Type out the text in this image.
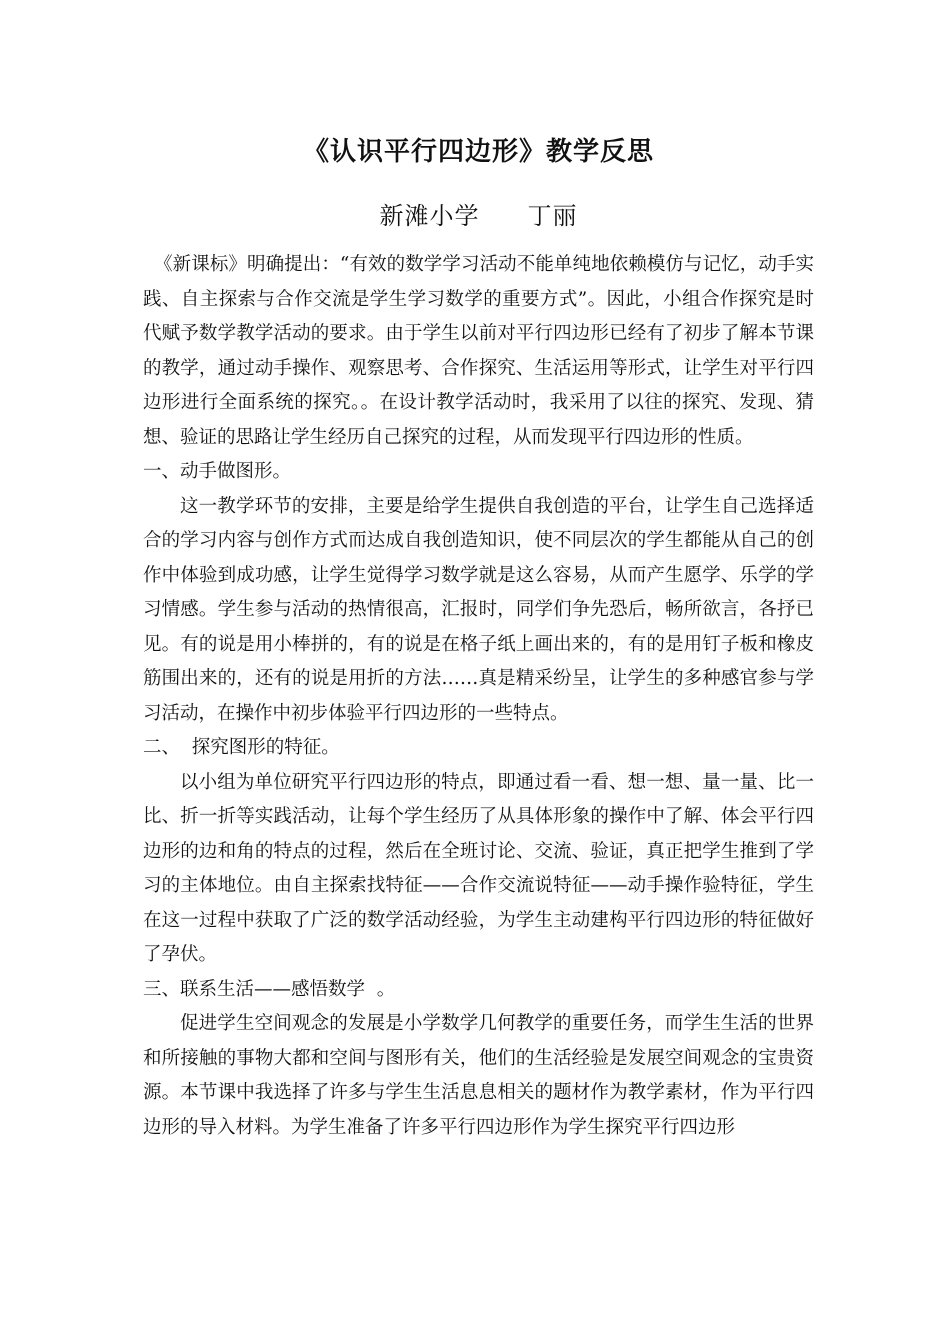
《认识平行四边形》教学反思

新滩小学 丁丽

《新课标》明确提出：“有效的数学学习活动不能单纯地依赖模仿与记忆，动手实践、自主探索与合作交流是学生学习数学的重要方式”。因此，小组合作探究是时代赋予数学教学活动的要求。由于学生以前对平行四边形已经有了初步了解本节课的教学，通过动手操作、观察思考、合作探究、生活运用等形式，让学生对平行四边形进行全面系统的探究。。在设计教学活动时，我采用了以往的探究、发现、猜想、验证的思路让学生经历自己探究的过程，从而发现平行四边形的性质。

一、动手做图形。

这一教学环节的安排，主要是给学生提供自我创造的平台，让学生自己选择适合的学习内容与创作方式而达成自我创造知识，使不同层次的学生都能从自己的创作中体验到成功感，让学生觉得学习数学就是这么容易，从而产生愿学、乐学的学习情感。学生参与活动的热情很高，汇报时，同学们争先恐后，畅所欲言，各抒已见。有的说是用小棒拼的，有的说是在格子纸上画出来的，有的是用钉子板和橡皮筋围出来的，还有的说是用折的方法……真是精采纷呈，让学生的多种感官参与学习活动，在操作中初步体验平行四边形的一些特点。

二、  探究图形的特征。

以小组为单位研究平行四边形的特点，即通过看一看、想一想、量一量、比一比、折一折等实践活动，让每个学生经历了从具体形象的操作中了解、体会平行四边形的边和角的特点的过程，然后在全班讨论、交流、验证，真正把学生推到了学习的主体地位。由自主探索找特征——合作交流说特征——动手操作验特征，学生在这一过程中获取了广泛的数学活动经验，为学生主动建构平行四边形的特征做好了孕伏。

三、联系生活——感悟数学  。

促进学生空间观念的发展是小学数学几何教学的重要任务，而学生生活的世界和所接触的事物大都和空间与图形有关，他们的生活经验是发展空间观念的宝贵资源。本节课中我选择了许多与学生生活息息相关的题材作为教学素材，作为平行四边形的导入材料。为学生准备了许多平行四边形作为学生探究平行四边形
